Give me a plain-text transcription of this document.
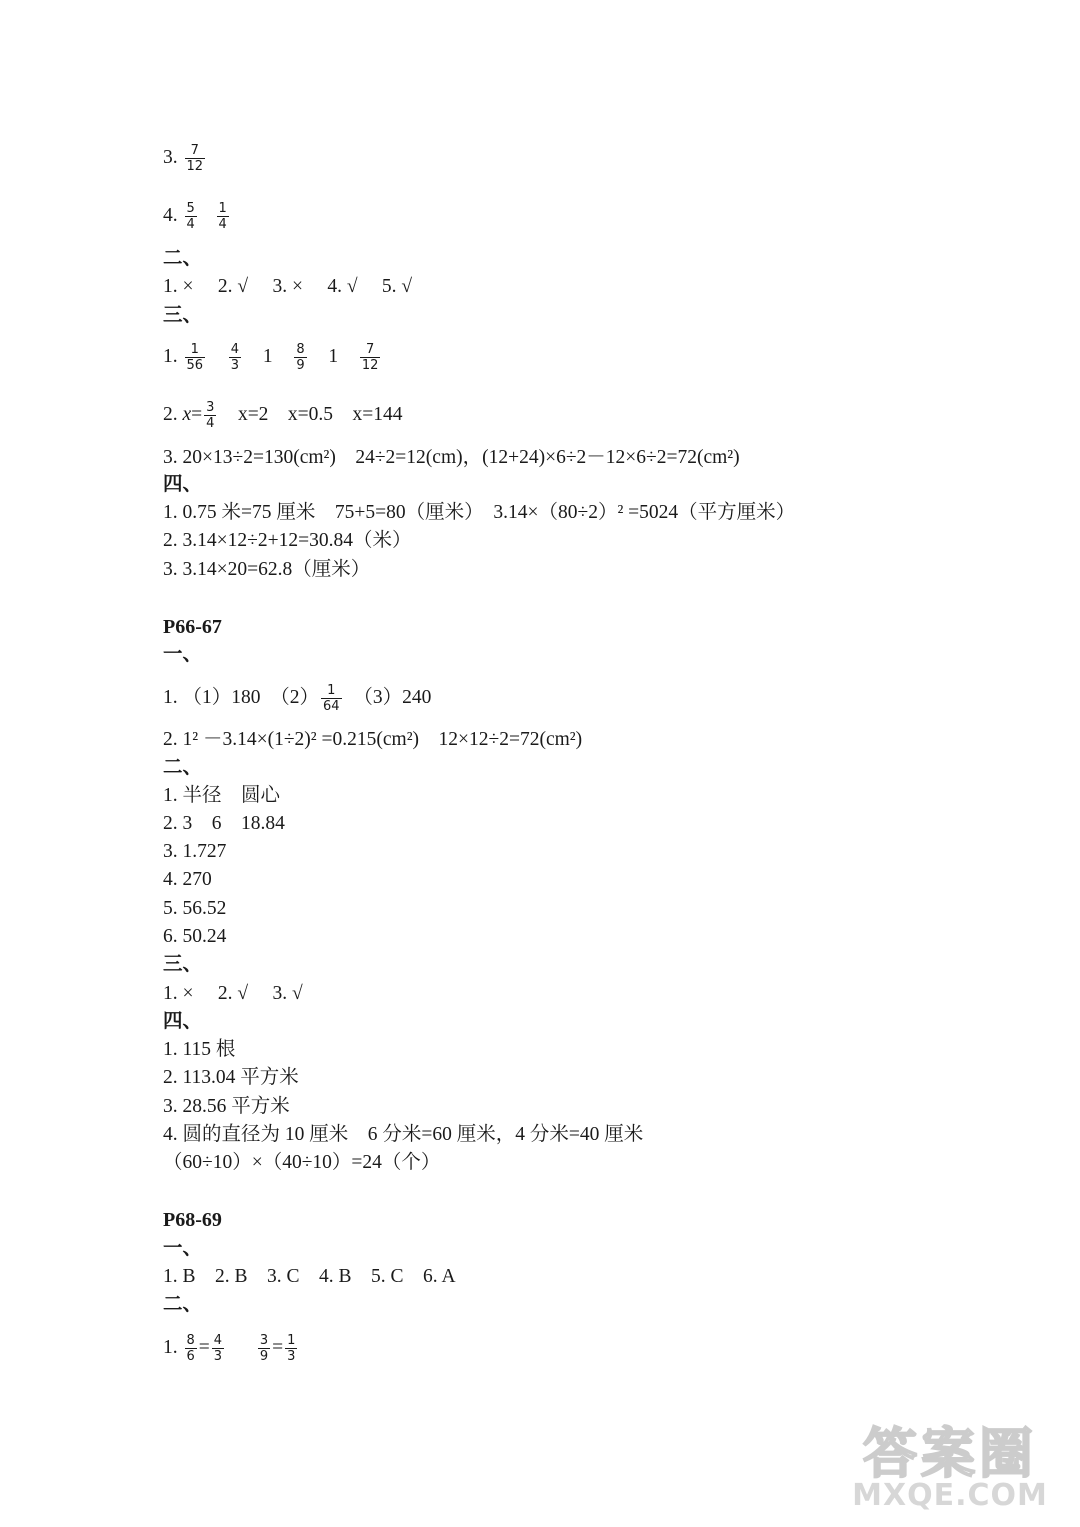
3. $\frac{7}{12}$
4. $\frac{5}{4}$
$\frac{1}{4}$
二、
1. ×　 2. √　 3. ×　 4. √　 5. √
三、
1. $\frac{1}{56}$
$\frac{4}{3} 1 \frac{8}{9} 1 \frac{7}{12}$
2. $x= \frac{3}{4}$ 　x=2　x=0.5　x=144
3. 20×13÷2=130(cm²)　24÷2=12(cm)，(12+24)×6÷2－12×6÷2=72(cm²)
四、
1. 0.75 米=75 厘米　75+5=80（厘米）　3.14×（80÷2）² =5024（平方厘米）
2. 3.14×12÷2+12=30.84（米）
3. 3.14×20=62.8（厘米）
P66-67
一、
1. （1）180　$(2) \frac{1}{64}$ 　（3）240
2. 1² －3.14×(1÷2)² =0.215(cm²)　12×12÷2=72(cm²)
二、
1. 半径　圆心
2. 3　6　18.84
3. 1.727
4. 270
5. 56.52
6. 50.24
三、
1. ×　 2. √　 3. √
四、
1. 115 根
2. 113.04 平方米
3. 28.56 平方米
4. 圆的直径为 10 厘米　6 分米=60 厘米，4 分米=40 厘米
（60÷10）×（40÷10）=24（个）
P68-69
一、
1. B　2. B　3. C　4. B　5. C　6. A
二、
1. $\frac{8}{6} = \frac{4}{3}$
	$\frac{3}{9} = \frac{1}{3}$
答案圈
MXQE.COM
